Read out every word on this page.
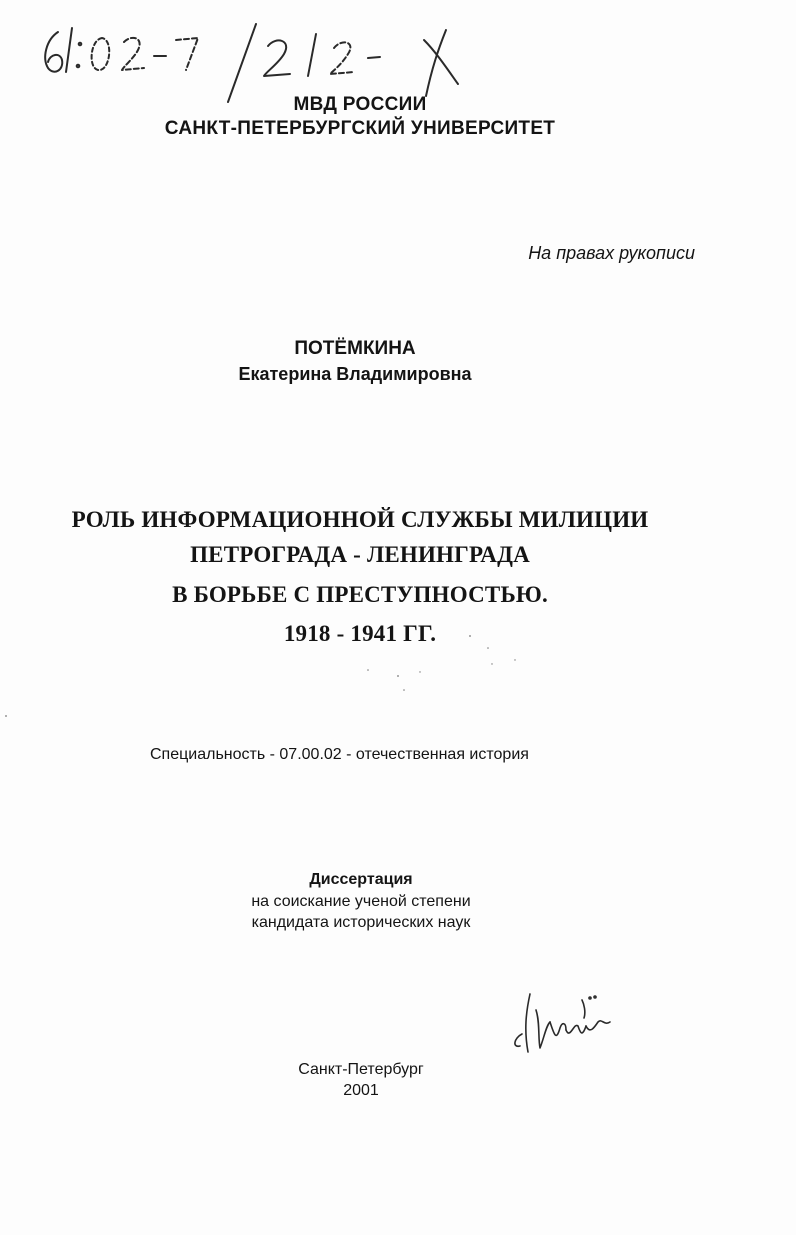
МВД РОССИИ
САНКТ-ПЕТЕРБУРГСКИЙ УНИВЕРСИТЕТ
На правах рукописи
ПОТЁМКИНА
Екатерина Владимировна
РОЛЬ ИНФОРМАЦИОННОЙ СЛУЖБЫ МИЛИЦИИ
ПЕТРОГРАДА - ЛЕНИНГРАДА
В БОРЬБЕ С ПРЕСТУПНОСТЬЮ.
1918 - 1941 ГГ.
Специальность - 07.00.02 - отечественная история
Диссертация
на соискание ученой степени
кандидата исторических наук
Санкт-Петербург
2001
